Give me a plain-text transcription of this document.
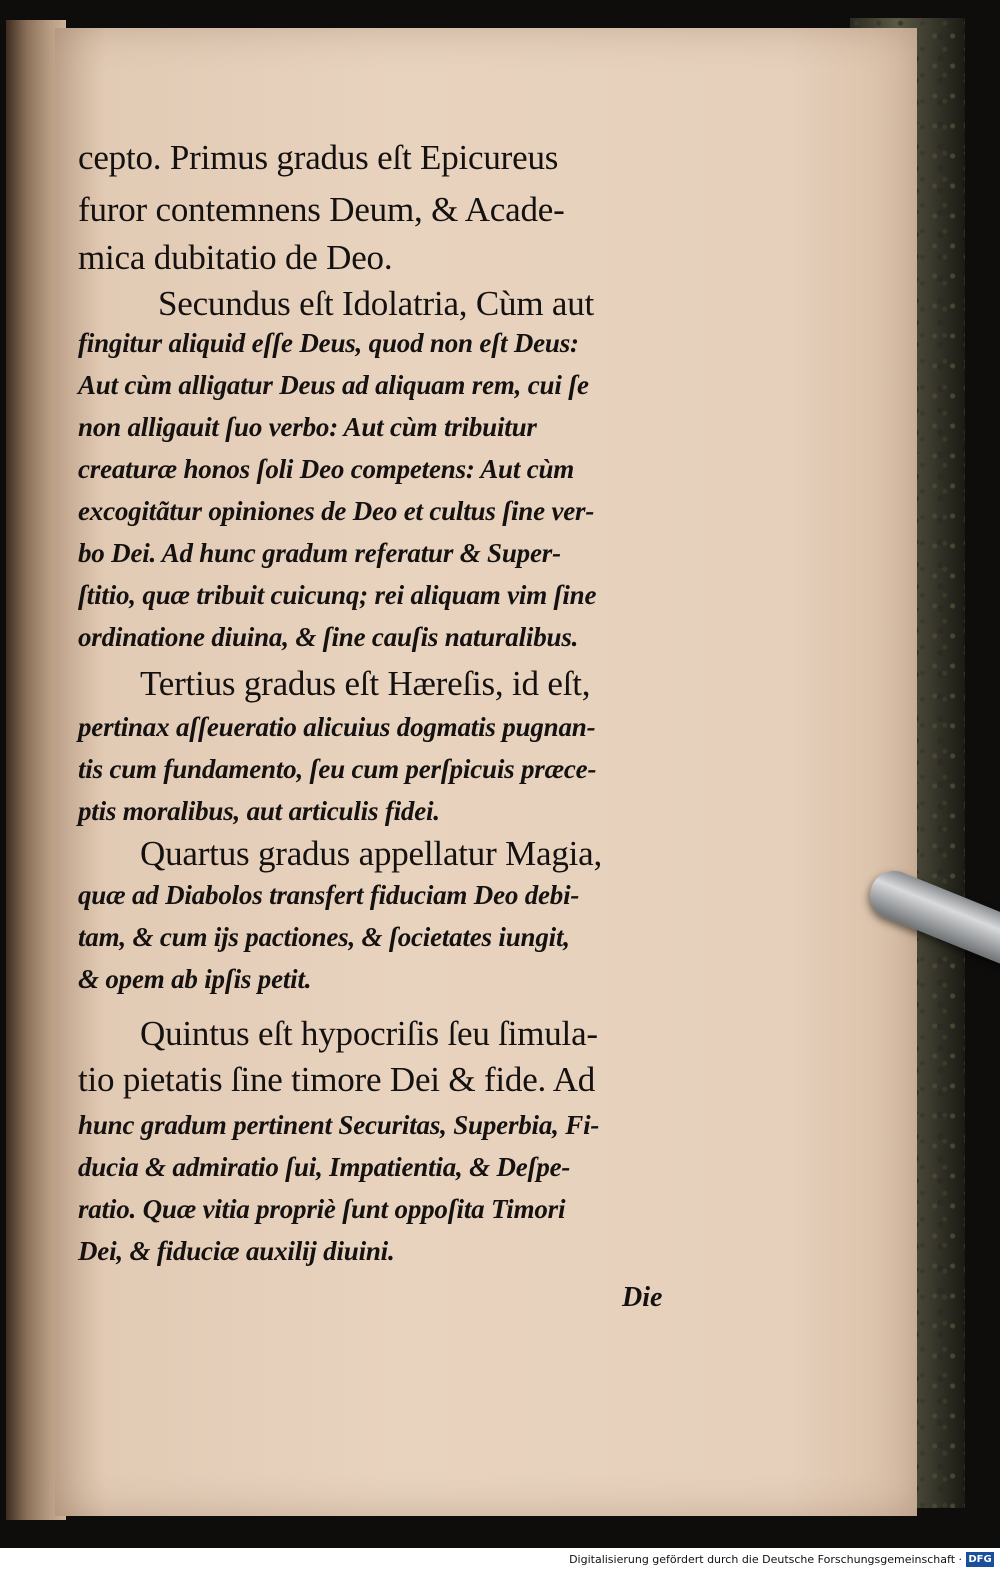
cepto. Primus gradus eſt Epicureus
furor contemnens Deum, & Acade-
mica dubitatio de Deo.
Secundus eſt Idolatria, Cùm aut
fingitur aliquid eſſe Deus, quod non eſt Deus:
Aut cùm alligatur Deus ad aliquam rem, cui ſe
non alligauit ſuo verbo: Aut cùm tribuitur
creaturæ honos ſoli Deo competens: Aut cùm
excogitãtur opiniones de Deo et cultus ſine ver-
bo Dei. Ad hunc gradum referatur & Super-
ſtitio, quæ tribuit cuicunq; rei aliquam vim ſine
ordinatione diuina, & ſine cauſis naturalibus.
Tertius gradus eſt Hæreſis, id eſt,
pertinax aſſeueratio alicuius dogmatis pugnan-
tis cum fundamento, ſeu cum perſpicuis præce-
ptis moralibus, aut articulis fidei.
Quartus gradus appellatur Magia,
quæ ad Diabolos transfert fiduciam Deo debi-
tam, & cum ijs pactiones, & ſocietates iungit,
& opem ab ipſis petit.
Quintus eſt hypocriſis ſeu ſimula-
tio pietatis ſine timore Dei & fide. Ad
hunc gradum pertinent Securitas, Superbia, Fi-
ducia & admiratio ſui, Impatientia, & Deſpe-
ratio. Quæ vitia propriè ſunt oppoſita Timori
Dei, & fiduciæ auxilij diuini.
Die
Digitalisierung gefördert durch die Deutsche Forschungsgemeinschaft · DFG
